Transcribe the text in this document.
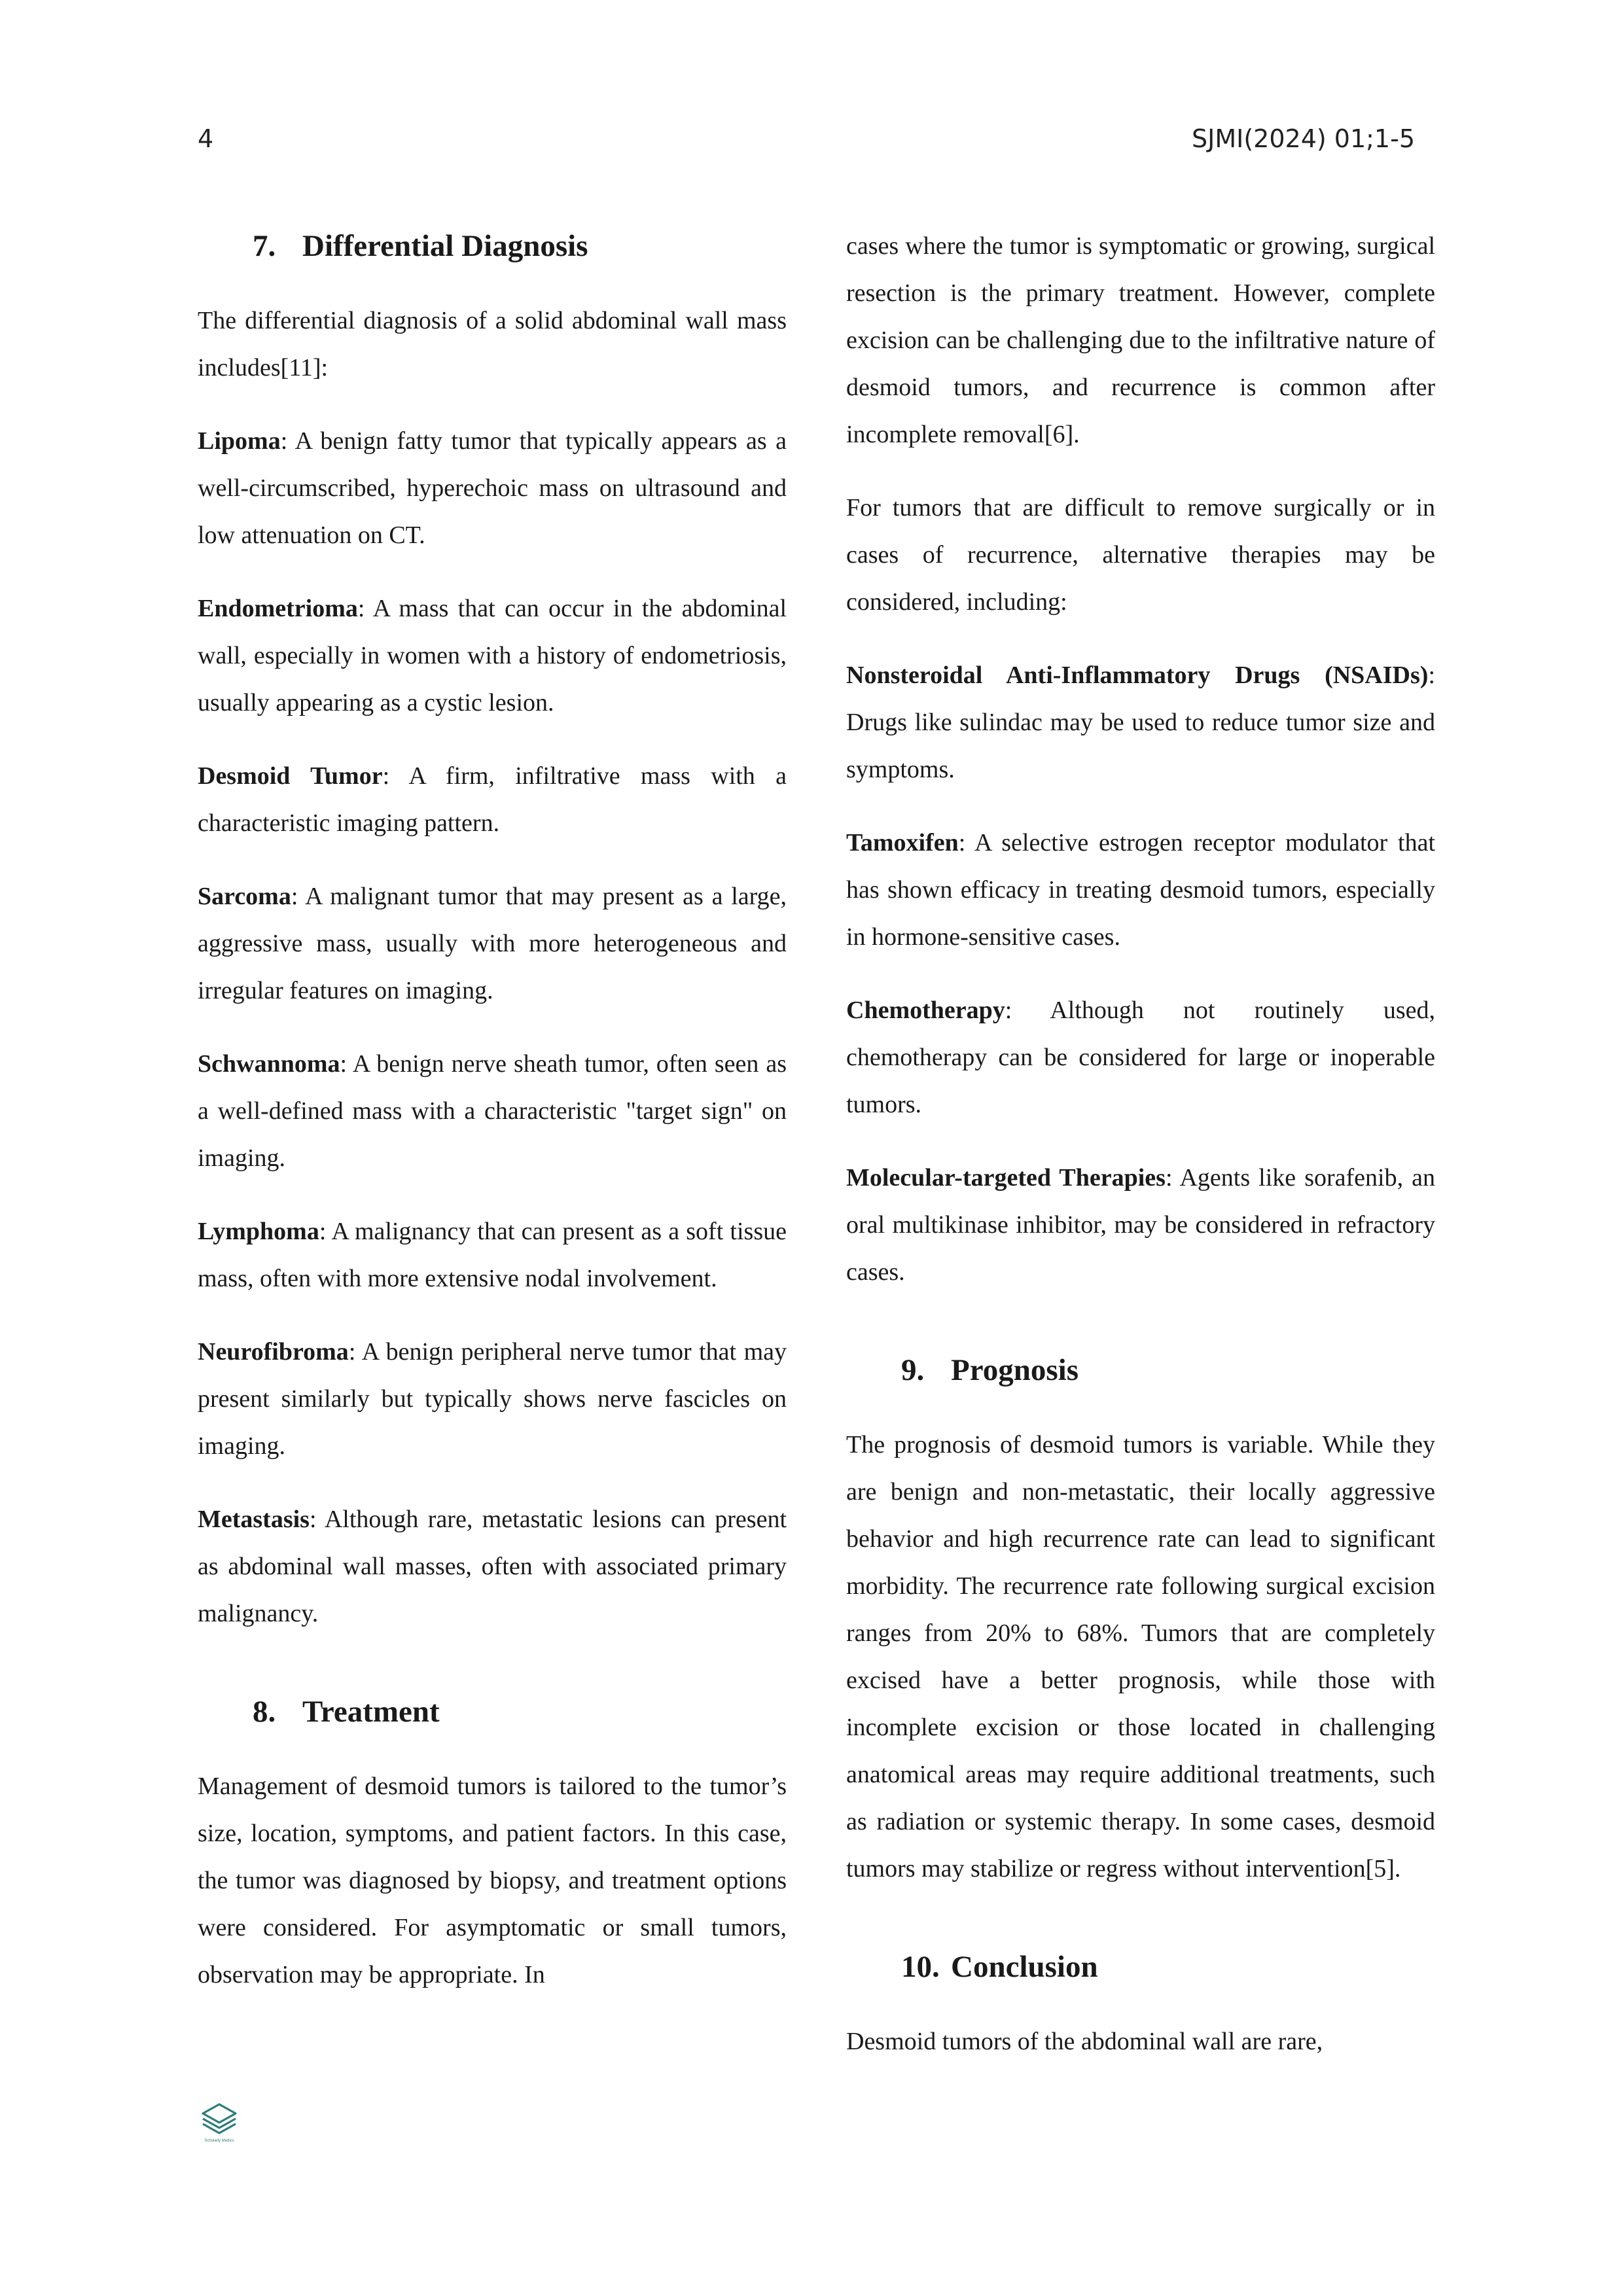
4	SJMI(2024) 01;1-5
7. Differential Diagnosis

The differential diagnosis of a solid abdominal wall mass includes[11]:

Lipoma: A benign fatty tumor that typically appears as a well-circumscribed, hyperechoic mass on ultrasound and low attenuation on CT.

Endometrioma: A mass that can occur in the abdominal wall, especially in women with a history of endometriosis, usually appearing as a cystic lesion.

Desmoid Tumor: A firm, infiltrative mass with a characteristic imaging pattern.

Sarcoma: A malignant tumor that may present as a large, aggressive mass, usually with more heterogeneous and irregular features on imaging.

Schwannoma: A benign nerve sheath tumor, often seen as a well-defined mass with a characteristic "target sign" on imaging.

Lymphoma: A malignancy that can present as a soft tissue mass, often with more extensive nodal involvement.

Neurofibroma: A benign peripheral nerve tumor that may present similarly but typically shows nerve fascicles on imaging.

Metastasis: Although rare, metastatic lesions can present as abdominal wall masses, often with associated primary malignancy.

8. Treatment

Management of desmoid tumors is tailored to the tumor’s size, location, symptoms, and patient factors. In this case, the tumor was diagnosed by biopsy, and treatment options were considered. For asymptomatic or small tumors, observation may be appropriate. In

cases where the tumor is symptomatic or growing, surgical resection is the primary treatment. However, complete excision can be challenging due to the infiltrative nature of desmoid tumors, and recurrence is common after incomplete removal[6].

For tumors that are difficult to remove surgically or in cases of recurrence, alternative therapies may be considered, including:

Nonsteroidal Anti-Inflammatory Drugs (NSAIDs): Drugs like sulindac may be used to reduce tumor size and symptoms.

Tamoxifen: A selective estrogen receptor modulator that has shown efficacy in treating desmoid tumors, especially in hormone-sensitive cases.

Chemotherapy: Although not routinely used, chemotherapy can be considered for large or inoperable tumors.

Molecular-targeted Therapies: Agents like sorafenib, an oral multikinase inhibitor, may be considered in refractory cases.

9. Prognosis

The prognosis of desmoid tumors is variable. While they are benign and non-metastatic, their locally aggressive behavior and high recurrence rate can lead to significant morbidity. The recurrence rate following surgical excision ranges from 20% to 68%. Tumors that are completely excised have a better prognosis, while those with incomplete excision or those located in challenging anatomical areas may require additional treatments, such as radiation or systemic therapy. In some cases, desmoid tumors may stabilize or regress without intervention[5].

10. Conclusion

Desmoid tumors of the abdominal wall are rare,

Scholarly Medics
